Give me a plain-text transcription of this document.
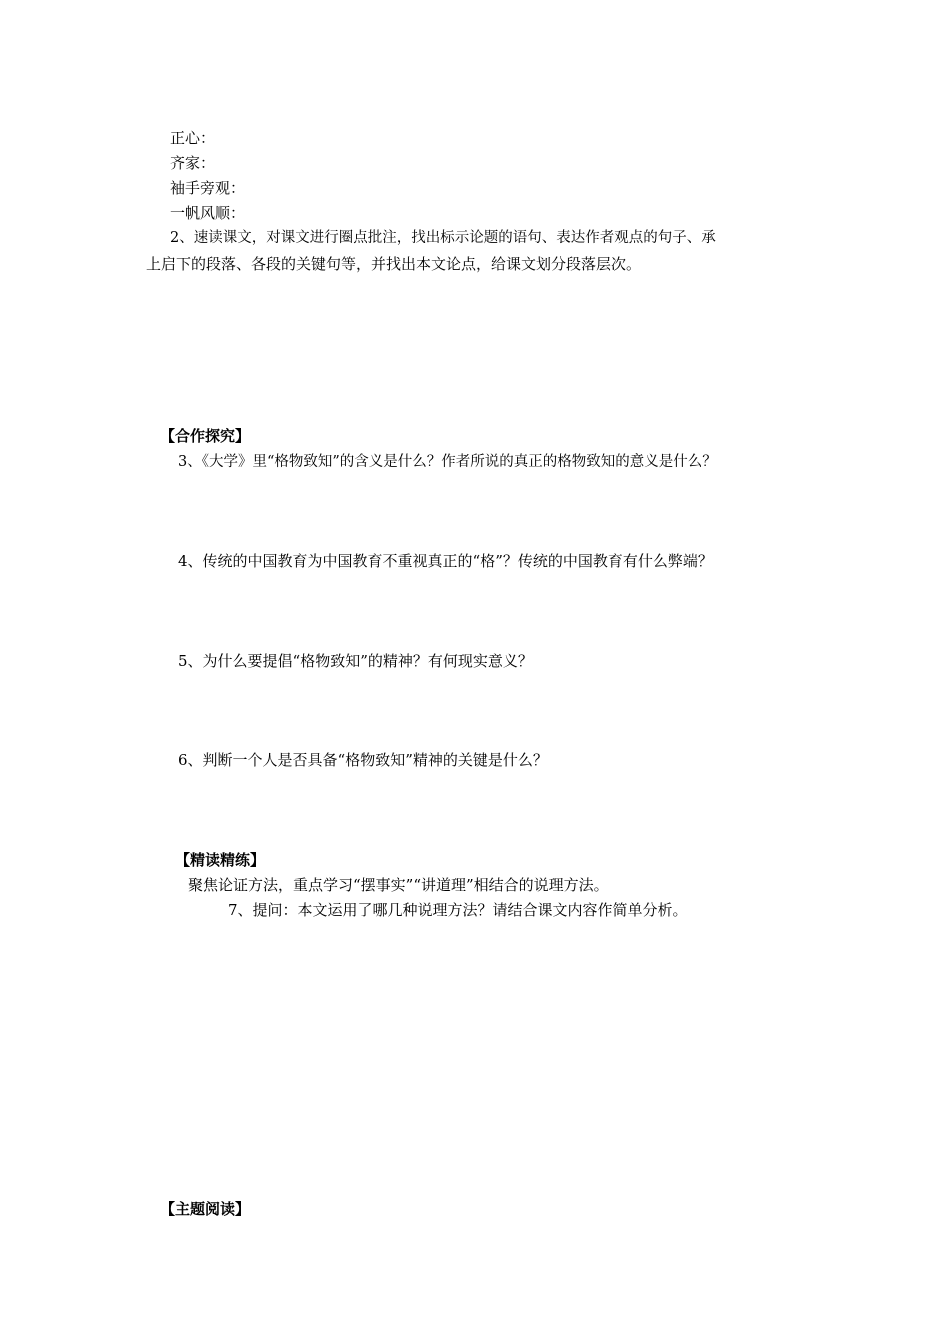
正心：
齐家：
袖手旁观：
一帆风顺：
2、速读课文，对课文进行圈点批注，找出标示论题的语句、表达作者观点的句子、承
上启下的段落、各段的关键句等，并找出本文论点，给课文划分段落层次。
【合作探究】
3、《大学》里“格物致知”的含义是什么？作者所说的真正的格物致知的意义是什么？
4、传统的中国教育为中国教育不重视真正的“格”？传统的中国教育有什么弊端？
5、为什么要提倡“格物致知”的精神？有何现实意义？
6、判断一个人是否具备“格物致知”精神的关键是什么？
【精读精练】
聚焦论证方法，重点学习“摆事实”“讲道理”相结合的说理方法。
7、提问：本文运用了哪几种说理方法？请结合课文内容作简单分析。
【主题阅读】
